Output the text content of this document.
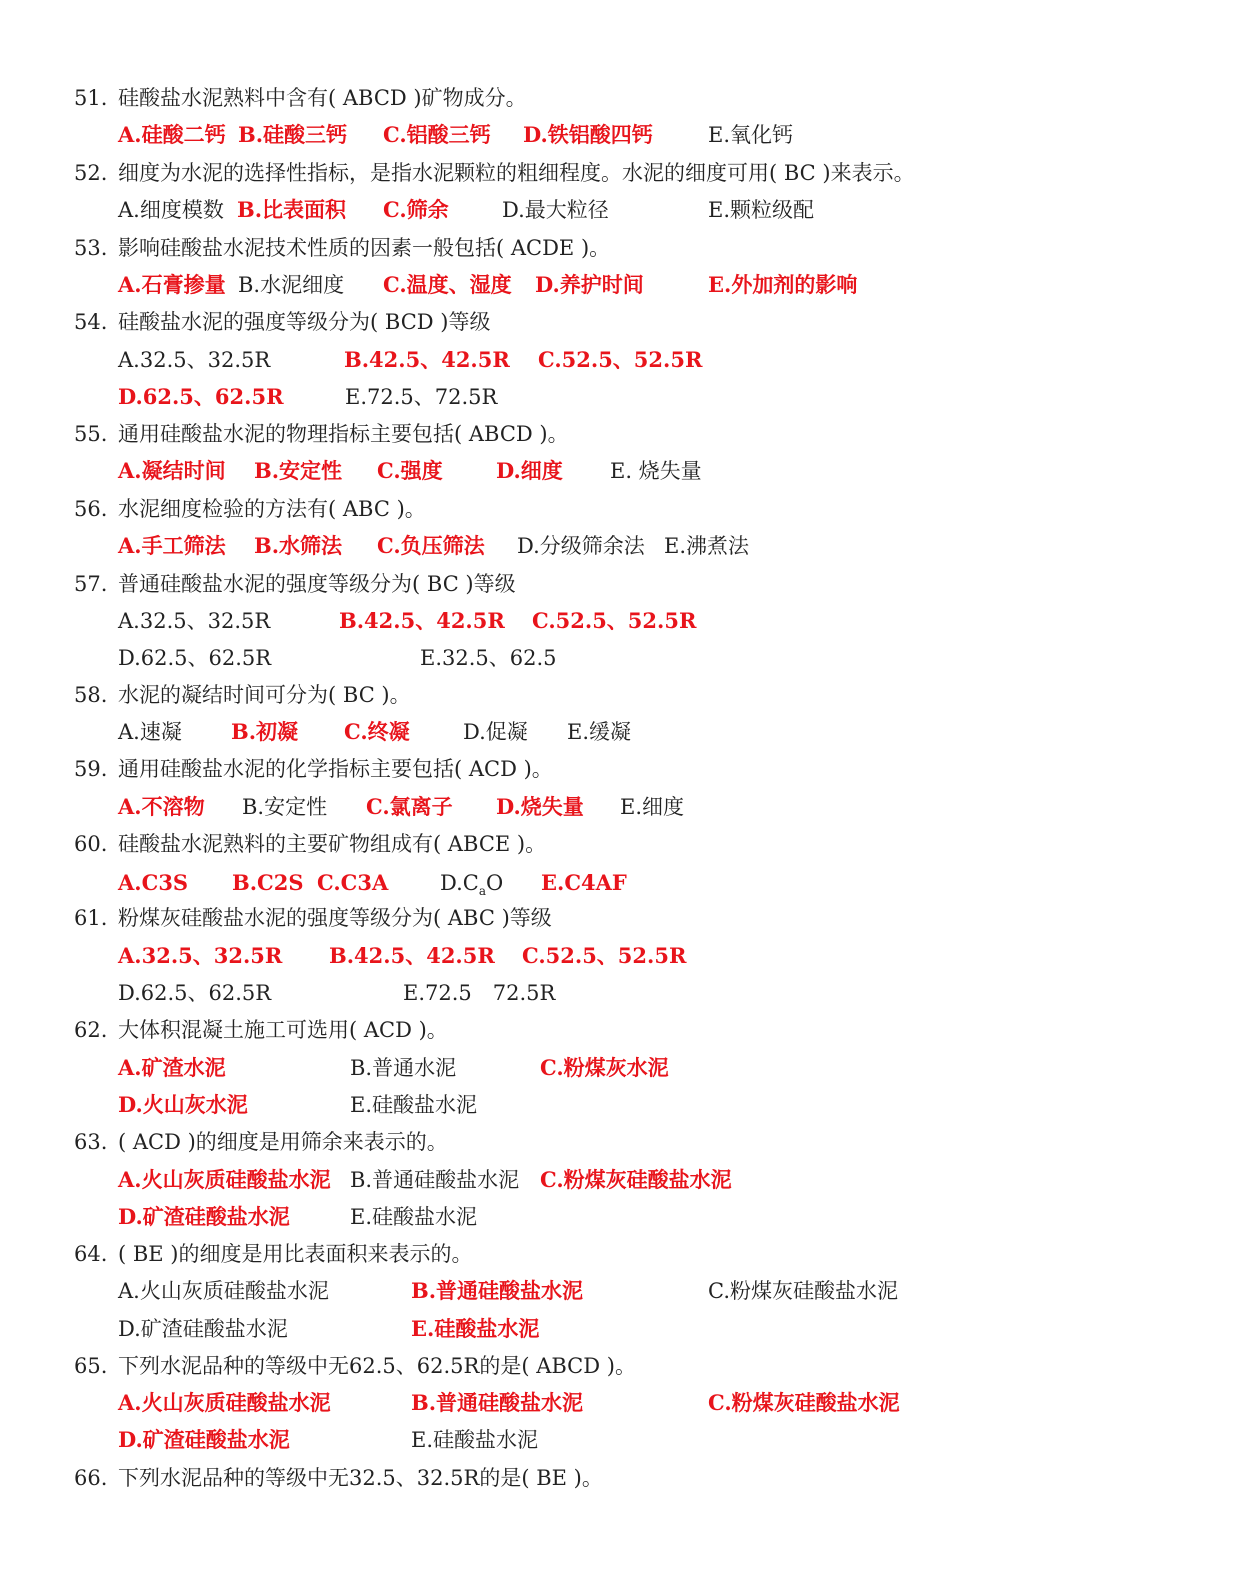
51. 硅酸盐水泥熟料中含有( ABCD )矿物成分。
A.硅酸二钙 B.硅酸三钙 C.铝酸三钙 D.铁铝酸四钙	E.氧化钙
52. 细度为水泥的选择性指标，是指水泥颗粒的粗细程度。水泥的细度可用( BC )来表示。
A.细度模数 B.比表面积 C.筛余	D.最大粒径	E.颗粒级配
53. 影响硅酸盐水泥技术性质的因素一般包括( ACDE )。
A.石膏掺量 B.水泥细度 C.温度、湿度 D.养护时间	E.外加剂的影响
54. 硅酸盐水泥的强度等级分为( BCD )等级
A.32.5、32.5R	B.42.5、42.5R C.52.5、52.5R
D.62.5、62.5R	E.72.5、72.5R
55. 通用硅酸盐水泥的物理指标主要包括( ABCD )。
A.凝结时间 B.安定性 C.强度	D.细度 E. 烧失量
56. 水泥细度检验的方法有( ABC )。
A.手工筛法 B.水筛法 C.负压筛法 D.分级筛余法 E.沸煮法
57. 普通硅酸盐水泥的强度等级分为( BC )等级
A.32.5、32.5R	B.42.5、42.5R C.52.5、52.5R
D.62.5、62.5R	E.32.5、62.5
58. 水泥的凝结时间可分为( BC )。
A.速凝 B.初凝 C.终凝	D.促凝 E.缓凝
59. 通用硅酸盐水泥的化学指标主要包括( ACD )。
A.不溶物 B.安定性 C.氯离子 D.烧失量 E.细度
60. 硅酸盐水泥熟料的主要矿物组成有( ABCE )。
A.C3S B.C2S C.C3A $D.C_aO$ E.C4AF
61. 粉煤灰硅酸盐水泥的强度等级分为( ABC )等级
A.32.5、32.5R B.42.5、42.5R C.52.5、52.5R
D.62.5、62.5R	E.72.5　72.5R
62. 大体积混凝土施工可选用( ACD )。
A.矿渣水泥	B.普通水泥	C.粉煤灰水泥
D.火山灰水泥	E.硅酸盐水泥
63. ( ACD )的细度是用筛余来表示的。
A.火山灰质硅酸盐水泥 B.普通硅酸盐水泥 C.粉煤灰硅酸盐水泥
D.矿渣硅酸盐水泥	E.硅酸盐水泥
64. ( BE )的细度是用比表面积来表示的。
A.火山灰质硅酸盐水泥	B.普通硅酸盐水泥	C.粉煤灰硅酸盐水泥
D.矿渣硅酸盐水泥	E.硅酸盐水泥
65. 下列水泥品种的等级中无62.5、62.5R的是( ABCD )。
A.火山灰质硅酸盐水泥	B.普通硅酸盐水泥	C.粉煤灰硅酸盐水泥
D.矿渣硅酸盐水泥	E.硅酸盐水泥
66. 下列水泥品种的等级中无32.5、32.5R的是( BE )。
